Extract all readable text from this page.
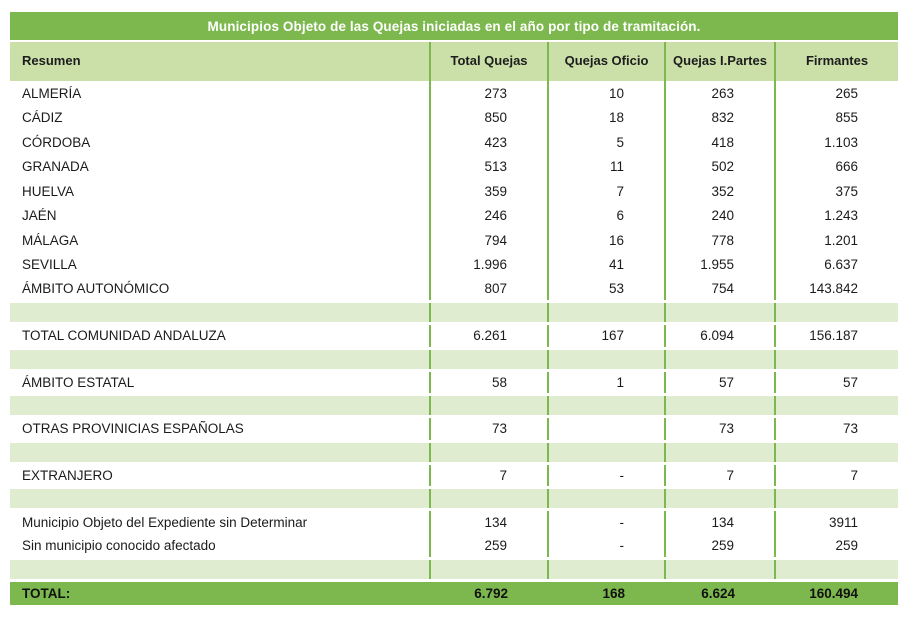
Municipios Objeto de las Quejas iniciadas en el año por tipo de tramitación.				
Resumen	Total Quejas	Quejas Oficio	Quejas I.Partes	Firmantes
ALMERÍA	273	10	263	265
CÁDIZ	850	18	832	855
CÓRDOBA	423	5	418	1.103
GRANADA	513	11	502	666
HUELVA	359	7	352	375
JAÉN	246	6	240	1.243
MÁLAGA	794	16	778	1.201
SEVILLA	1.996	41	1.955	6.637
ÁMBITO AUTONÓMICO	807	53	754	143.842

TOTAL COMUNIDAD ANDALUZA	6.261	167	6.094	156.187

ÁMBITO ESTATAL	58	1	57	57

OTRAS PROVINICIAS ESPAÑOLAS	73		73	73

EXTRANJERO	7	-	7	7

Municipio Objeto del Expediente sin Determinar	134	-	134	3911
Sin municipio conocido afectado	259	-	259	259

TOTAL:	6.792	168	6.624	160.494
